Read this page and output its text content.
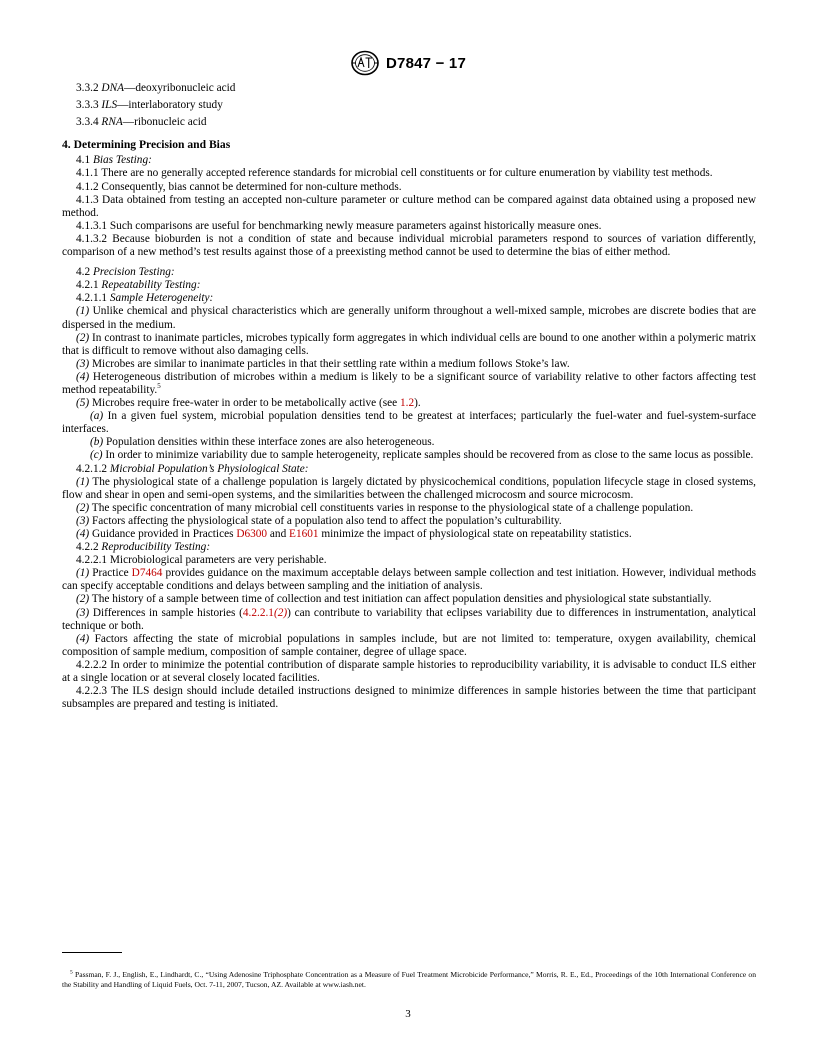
D7847 − 17

3.3.2 DNA—deoxyribonucleic acid

3.3.3 ILS—interlaboratory study

3.3.4 RNA—ribonucleic acid

4. Determining Precision and Bias

4.1 Bias Testing:

4.1.1 There are no generally accepted reference standards for microbial cell constituents or for culture enumeration by viability test methods.

4.1.2 Consequently, bias cannot be determined for non-culture methods.

4.1.3 Data obtained from testing an accepted non-culture parameter or culture method can be compared against data obtained using a proposed new method.

4.1.3.1 Such comparisons are useful for benchmarking newly measure parameters against historically measure ones.

4.1.3.2 Because bioburden is not a condition of state and because individual microbial parameters respond to sources of variation differently, comparison of a new method’s test results against those of a preexisting method cannot be used to determine the bias of either method.

4.2 Precision Testing:

4.2.1 Repeatability Testing:

4.2.1.1 Sample Heterogeneity:

(1) Unlike chemical and physical characteristics which are generally uniform throughout a well-mixed sample, microbes are discrete bodies that are dispersed in the medium.

(2) In contrast to inanimate particles, microbes typically form aggregates in which individual cells are bound to one another within a polymeric matrix that is difficult to remove without also damaging cells.

(3) Microbes are similar to inanimate particles in that their settling rate within a medium follows Stoke’s law.

(4) Heterogeneous distribution of microbes within a medium is likely to be a significant source of variability relative to other factors affecting test method repeatability.$^5$

(5) Microbes require free-water in order to be metabolically active (see 1.2).

(a) In a given fuel system, microbial population densities tend to be greatest at interfaces; particularly the fuel-water and fuel-system-surface interfaces.

(b) Population densities within these interface zones are also heterogeneous.

(c) In order to minimize variability due to sample heterogeneity, replicate samples should be recovered from as close to the same locus as possible.

4.2.1.2 Microbial Population’s Physiological State:

(1) The physiological state of a challenge population is largely dictated by physicochemical conditions, population lifecycle stage in closed systems, flow and shear in open and semi-open systems, and the similarities between the challenged microcosm and source microcosm.

(2) The specific concentration of many microbial cell constituents varies in response to the physiological state of a challenge population.

(3) Factors affecting the physiological state of a population also tend to affect the population’s culturability.

(4) Guidance provided in Practices D6300 and E1601 minimize the impact of physiological state on repeatability statistics.

4.2.2 Reproducibility Testing:

4.2.2.1 Microbiological parameters are very perishable.

(1) Practice D7464 provides guidance on the maximum acceptable delays between sample collection and test initiation. However, individual methods can specify acceptable conditions and delays between sampling and the initiation of analysis.

(2) The history of a sample between time of collection and test initiation can affect population densities and physiological state substantially.

(3) Differences in sample histories (4.2.2.1(2)) can contribute to variability that eclipses variability due to differences in instrumentation, analytical technique or both.

(4) Factors affecting the state of microbial populations in samples include, but are not limited to: temperature, oxygen availability, chemical composition of sample medium, composition of sample container, degree of ullage space.

4.2.2.2 In order to minimize the potential contribution of disparate sample histories to reproducibility variability, it is advisable to conduct ILS either at a single location or at several closely located facilities.

4.2.2.3 The ILS design should include detailed instructions designed to minimize differences in sample histories between the time that participant subsamples are prepared and testing is initiated.

$^5$ Passman, F. J., English, E., Lindhardt, C., “Using Adenosine Triphosphate Concentration as a Measure of Fuel Treatment Microbicide Performance,” Morris, R. E., Ed., Proceedings of the 10th International Conference on the Stability and Handling of Liquid Fuels, Oct. 7-11, 2007, Tucson, AZ. Available at www.iash.net.

3
